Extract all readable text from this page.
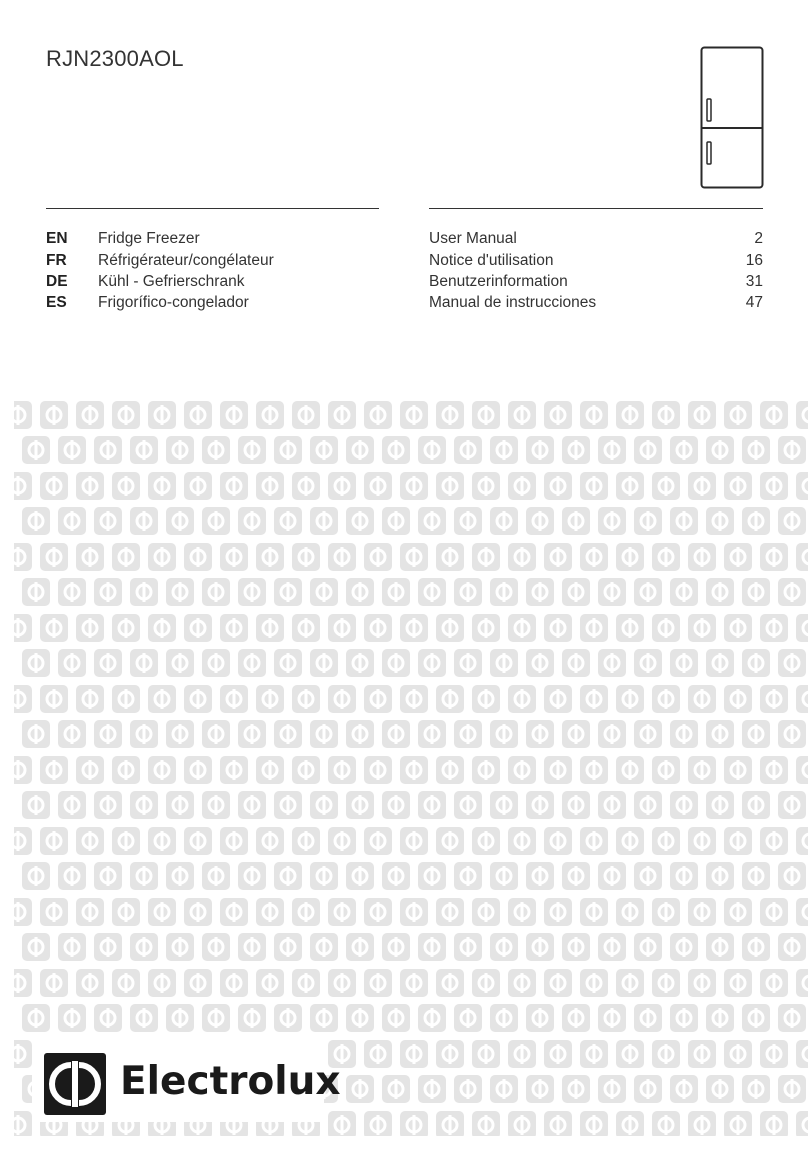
RJN2300AOL
EN Fridge Freezer	User Manual	2
FR Réfrigérateur/congélateur	Notice d'utilisation	16
DE Kühl - Gefrierschrank	Benutzerinformation	31
ES Frigorífico-congelador	Manual de instrucciones	47
Electrolux
